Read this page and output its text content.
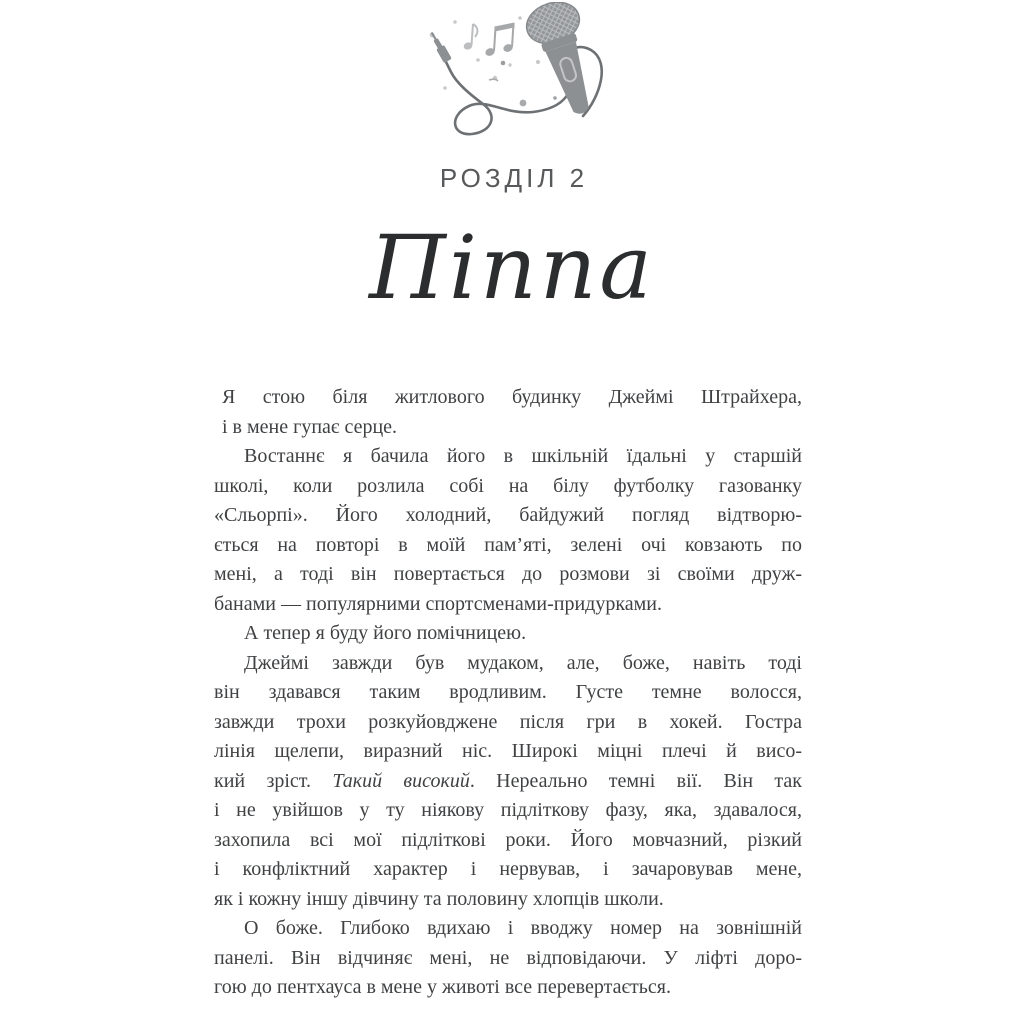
РОЗДІЛ 2
Піппа
Я стою біля житлового будинку Джеймі Штрайхера,
і в мене гупає серце.
Востаннє я бачила його в шкільній їдальні у старшій
школі, коли розлила собі на білу футболку газованку
«Сльорпі». Його холодний, байдужий погляд відтворю-
ється на повторі в моїй пам’яті, зелені очі ковзають по
мені, а тоді він повертається до розмови зі своїми друж-
банами — популярними спортсменами-придурками.
А тепер я буду його помічницею.
Джеймі завжди був мудаком, але, боже, навіть тоді
він здавався таким вродливим. Густе темне волосся,
завжди трохи розкуйовджене після гри в хокей. Гостра
лінія щелепи, виразний ніс. Широкі міцні плечі й висо-
кий зріст. Такий високий. Нереально темні вії. Він так
і не увійшов у ту ніякову підліткову фазу, яка, здавалося,
захопила всі мої підліткові роки. Його мовчазний, різкий
і конфліктний характер і нервував, і зачаровував мене,
як і кожну іншу дівчину та половину хлопців школи.
О боже. Глибоко вдихаю і вводжу номер на зовнішній
панелі. Він відчиняє мені, не відповідаючи. У ліфті доро-
гою до пентхауса в мене у животі все перевертається.
